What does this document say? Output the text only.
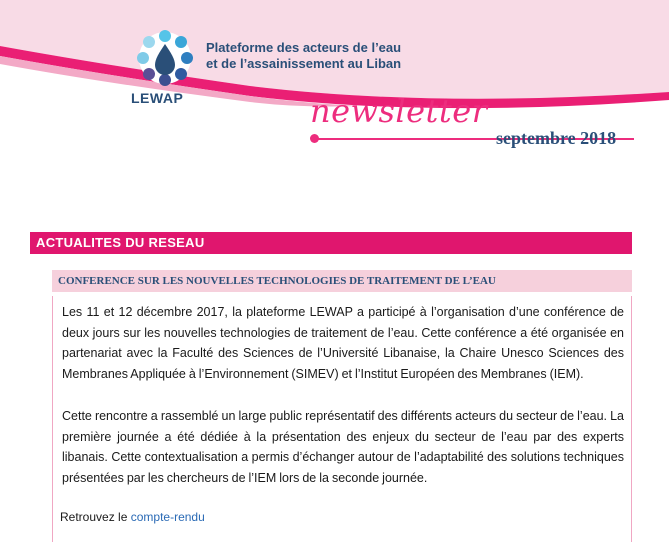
Plateforme des acteurs de l’eau
et de l’assainissement au Liban

LEWAP	newsletter
septembre 2018
ACTUALITES DU RESEAU
CONFERENCE SUR LES NOUVELLES TECHNOLOGIES DE TRAITEMENT DE L’EAU

Les 11 et 12 décembre 2017, la plateforme LEWAP a participé à l’organisation d’une conférence de deux jours sur les nouvelles technologies de traitement de l’eau. Cette conférence a été organisée en partenariat avec la Faculté des Sciences de l’Université Libanaise, la Chaire Unesco Sciences des Membranes Appliquée à l’Environnement (SIMEV) et l’Institut Européen des Membranes (IEM).

Cette rencontre a rassemblé un large public représentatif des différents acteurs du secteur de l’eau. La première journée a été dédiée à la présentation des enjeux du secteur de l’eau par des experts libanais. Cette contextualisation a permis d’échanger autour de l’adaptabilité des solutions techniques présentées par les chercheurs de l’IEM lors de la seconde journée.

Retrouvez le compte-rendu
